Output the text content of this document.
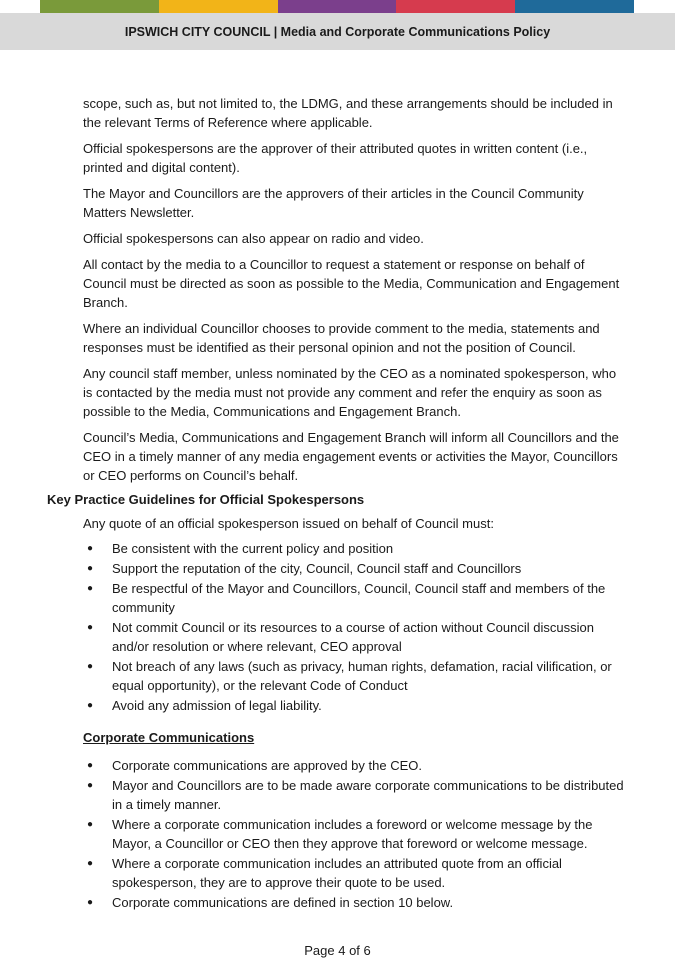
IPSWICH CITY COUNCIL | Media and Corporate Communications Policy

scope, such as, but not limited to, the LDMG, and these arrangements should be included in the relevant Terms of Reference where applicable.

Official spokespersons are the approver of their attributed quotes in written content (i.e., printed and digital content).

The Mayor and Councillors are the approvers of their articles in the Council Community Matters Newsletter.

Official spokespersons can also appear on radio and video.

All contact by the media to a Councillor to request a statement or response on behalf of Council must be directed as soon as possible to the Media, Communication and Engagement Branch.

Where an individual Councillor chooses to provide comment to the media, statements and responses must be identified as their personal opinion and not the position of Council.

Any council staff member, unless nominated by the CEO as a nominated spokesperson, who is contacted by the media must not provide any comment and refer the enquiry as soon as possible to the Media, Communications and Engagement Branch.

Council’s Media, Communications and Engagement Branch will inform all Councillors and the CEO in a timely manner of any media engagement events or activities the Mayor, Councillors or CEO performs on Council’s behalf.

Key Practice Guidelines for Official Spokespersons

Any quote of an official spokesperson issued on behalf of Council must:

● Be consistent with the current policy and position
● Support the reputation of the city, Council, Council staff and Councillors
● Be respectful of the Mayor and Councillors, Council, Council staff and members of the community
● Not commit Council or its resources to a course of action without Council discussion and/or resolution or where relevant, CEO approval
● Not breach of any laws (such as privacy, human rights, defamation, racial vilification, or equal opportunity), or the relevant Code of Conduct
● Avoid any admission of legal liability.
Corporate Communications
● Corporate communications are approved by the CEO.
● Mayor and Councillors are to be made aware corporate communications to be distributed in a timely manner.
● Where a corporate communication includes a foreword or welcome message by the Mayor, a Councillor or CEO then they approve that foreword or welcome message.
● Where a corporate communication includes an attributed quote from an official spokesperson, they are to approve their quote to be used.
● Corporate communications are defined in section 10 below.
Page 4 of 6
